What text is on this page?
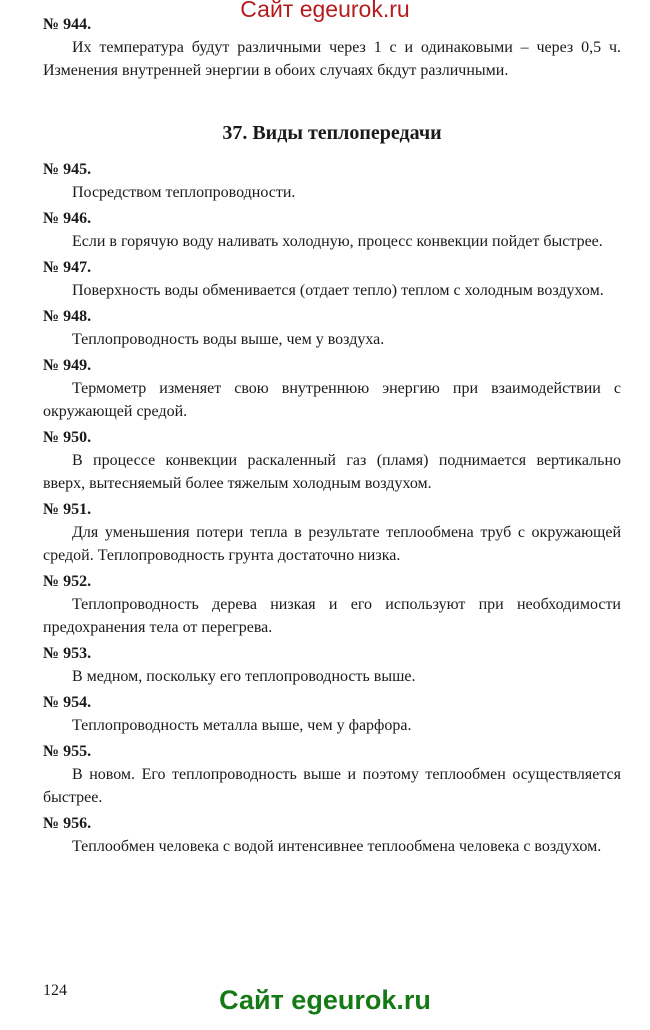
Сайт egeurok.ru
№ 944.

Их температура будут различными через 1 с и одинаковыми – через 0,5 ч. Изменения внутренней энергии в обоих случаях бкдут различными.

37. Виды теплопередачи
№ 945.

Посредством теплопроводности.

№ 946.

Если в горячую воду наливать холодную, процесс конвекции пойдет быстрее.

№ 947.

Поверхность воды обменивается (отдает тепло) теплом с холодным воздухом.

№ 948.

Теплопроводность воды выше, чем у воздуха.

№ 949.

Термометр изменяет свою внутреннюю энергию при взаимодействии с окружающей средой.

№ 950.

В процессе конвекции раскаленный газ (пламя) поднимается вертикально вверх, вытесняемый более тяжелым холодным воздухом.

№ 951.

Для уменьшения потери тепла в результате теплообмена труб с окружающей средой. Теплопроводность грунта достаточно низка.

№ 952.

Теплопроводность дерева низкая и его используют при необходимости предохранения тела от перегрева.

№ 953.

В медном, поскольку его теплопроводность выше.

№ 954.

Теплопроводность металла выше, чем у фарфора.

№ 955.

В новом. Его теплопроводность выше и поэтому теплообмен осуществляется быстрее.

№ 956.

Теплообмен человека с водой интенсивнее теплообмена человека с воздухом.

124	Сайт egeurok.ru
